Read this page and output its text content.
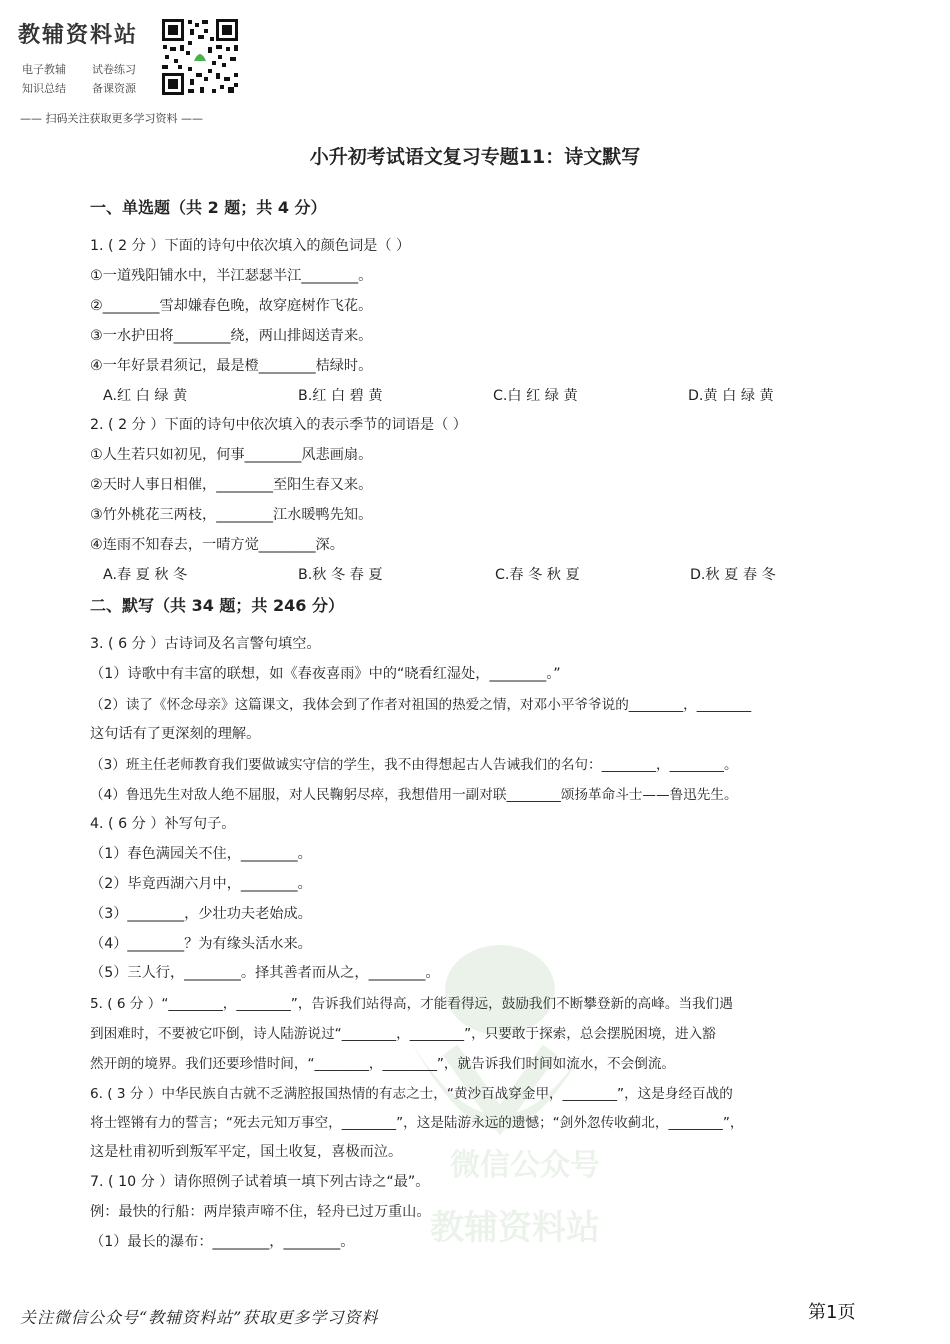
教辅资料站
电子教辅 试卷练习
知识总结 备课资源
—— 扫码关注获取更多学习资料 ——
微信公众号
教辅资料站
小升初考试语文复习专题11：诗文默写
一、单选题（共 2 题；共 4 分）
1. ( 2 分 ）下面的诗句中依次填入的颜色词是（ ）
①一道残阳铺水中，半江瑟瑟半江________。
②________雪却嫌春色晚，故穿庭树作飞花。
③一水护田将________绕，两山排闼送青来。
④一年好景君须记，最是橙________桔绿时。
A.红 白 绿 黄	B.红 白 碧 黄	C.白 红 绿 黄	D.黄 白 绿 黄
2. ( 2 分 ）下面的诗句中依次填入的表示季节的词语是（ ）
①人生若只如初见，何事________风悲画扇。
②天时人事日相催，________至阳生春又来。
③竹外桃花三两枝，________江水暖鸭先知。
④连雨不知春去，一晴方觉________深。
A.春 夏 秋 冬	B.秋 冬 春 夏	C.春 冬 秋 夏	D.秋 夏 春 冬
二、默写（共 34 题；共 246 分）
3. ( 6 分 ）古诗词及名言警句填空。
（1）诗歌中有丰富的联想，如《春夜喜雨》中的“晓看红湿处，________。”
（2）读了《怀念母亲》这篇课文，我体会到了作者对祖国的热爱之情，对邓小平爷爷说的________，________
这句话有了更深刻的理解。
（3）班主任老师教育我们要做诚实守信的学生，我不由得想起古人告诫我们的名句：________，________。
（4）鲁迅先生对敌人绝不屈服，对人民鞠躬尽瘁，我想借用一副对联________颂扬革命斗士——鲁迅先生。
4. ( 6 分 ）补写句子。
（1）春色满园关不住，________。
（2）毕竟西湖六月中，________。
（3）________，少壮功夫老始成。
（4）________？为有缘头活水来。
（5）三人行，________。择其善者而从之，________。
5. ( 6 分 ）“________，________”，告诉我们站得高，才能看得远，鼓励我们不断攀登新的高峰。当我们遇
到困难时，不要被它吓倒，诗人陆游说过“________，________”，只要敢于探索，总会摆脱困境，进入豁
然开朗的境界。我们还要珍惜时间，“________，________”，就告诉我们时间如流水，不会倒流。
6. ( 3 分 ）中华民族自古就不乏满腔报国热情的有志之士，“黄沙百战穿金甲，________”，这是身经百战的
将士铿锵有力的誓言；“死去元知万事空，________”，这是陆游永远的遗憾；“剑外忽传收蓟北，________”，
这是杜甫初听到叛军平定，国土收复，喜极而泣。
7. ( 10 分 ）请你照例子试着填一填下列古诗之“最”。
例：最快的行船：两岸猿声啼不住，轻舟已过万重山。
（1）最长的瀑布：________，________。
关注微信公众号“教辅资料站”获取更多学习资料	第1页
